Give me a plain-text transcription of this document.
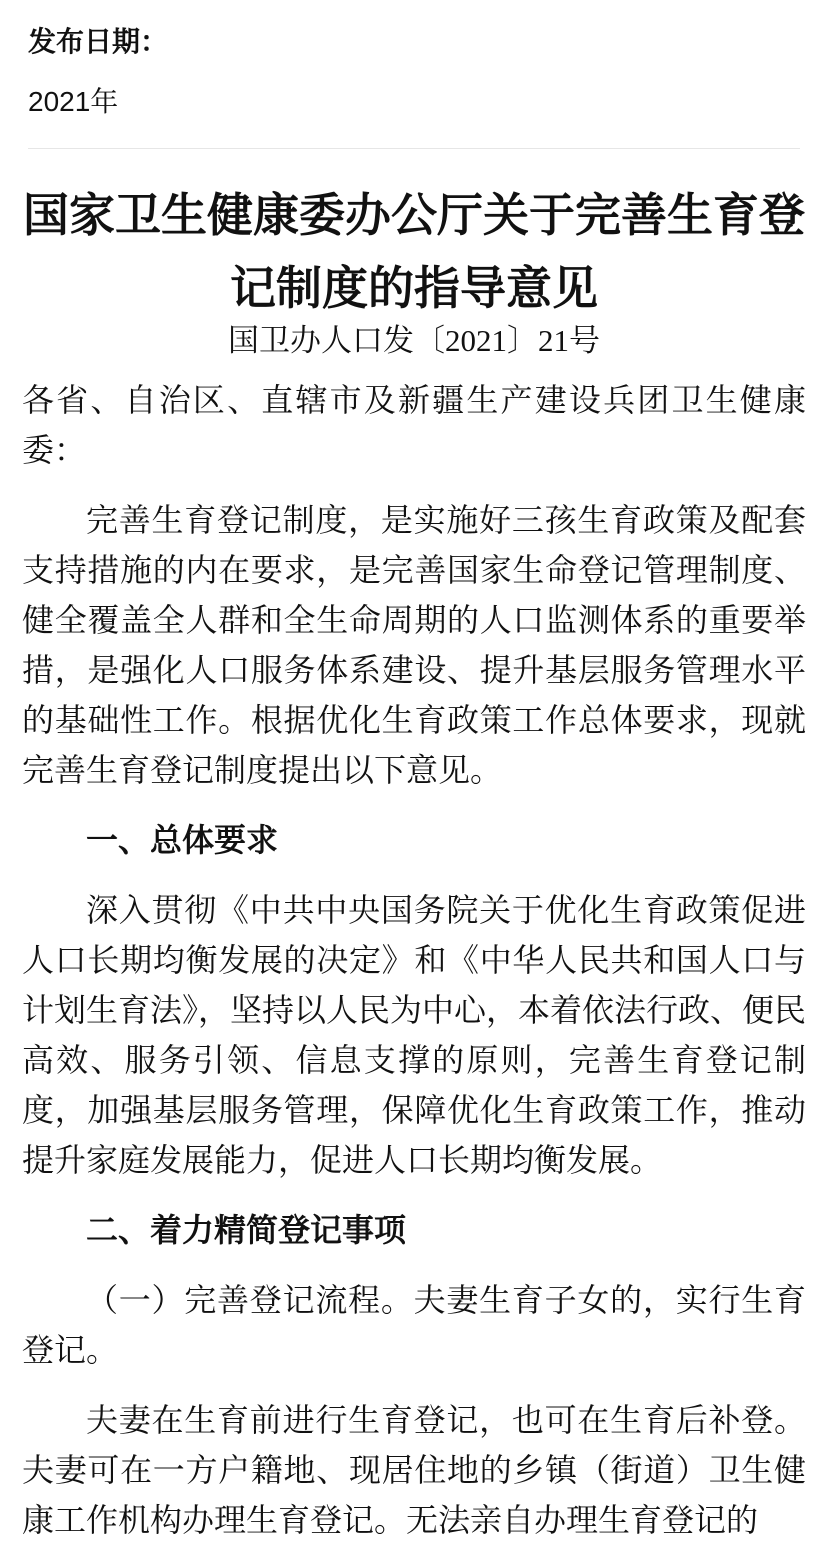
发布日期：
2021年
国家卫生健康委办公厅关于完善生育登记制度的指导意见
国卫办人口发〔2021〕21号

各省、自治区、直辖市及新疆生产建设兵团卫生健康委：

完善生育登记制度，是实施好三孩生育政策及配套支持措施的内在要求，是完善国家生命登记管理制度、健全覆盖全人群和全生命周期的人口监测体系的重要举措，是强化人口服务体系建设、提升基层服务管理水平的基础性工作。根据优化生育政策工作总体要求，现就完善生育登记制度提出以下意见。

一、总体要求

深入贯彻《中共中央国务院关于优化生育政策促进人口长期均衡发展的决定》和《中华人民共和国人口与计划生育法》，坚持以人民为中心，本着依法行政、便民高效、服务引领、信息支撑的原则，完善生育登记制度，加强基层服务管理，保障优化生育政策工作，推动提升家庭发展能力，促进人口长期均衡发展。

二、着力精简登记事项

（一）完善登记流程。夫妻生育子女的，实行生育登记。

夫妻在生育前进行生育登记，也可在生育后补登。夫妻可在一方户籍地、现居住地的乡镇（街道）卫生健康工作机构办理生育登记。无法亲自办理生育登记的
